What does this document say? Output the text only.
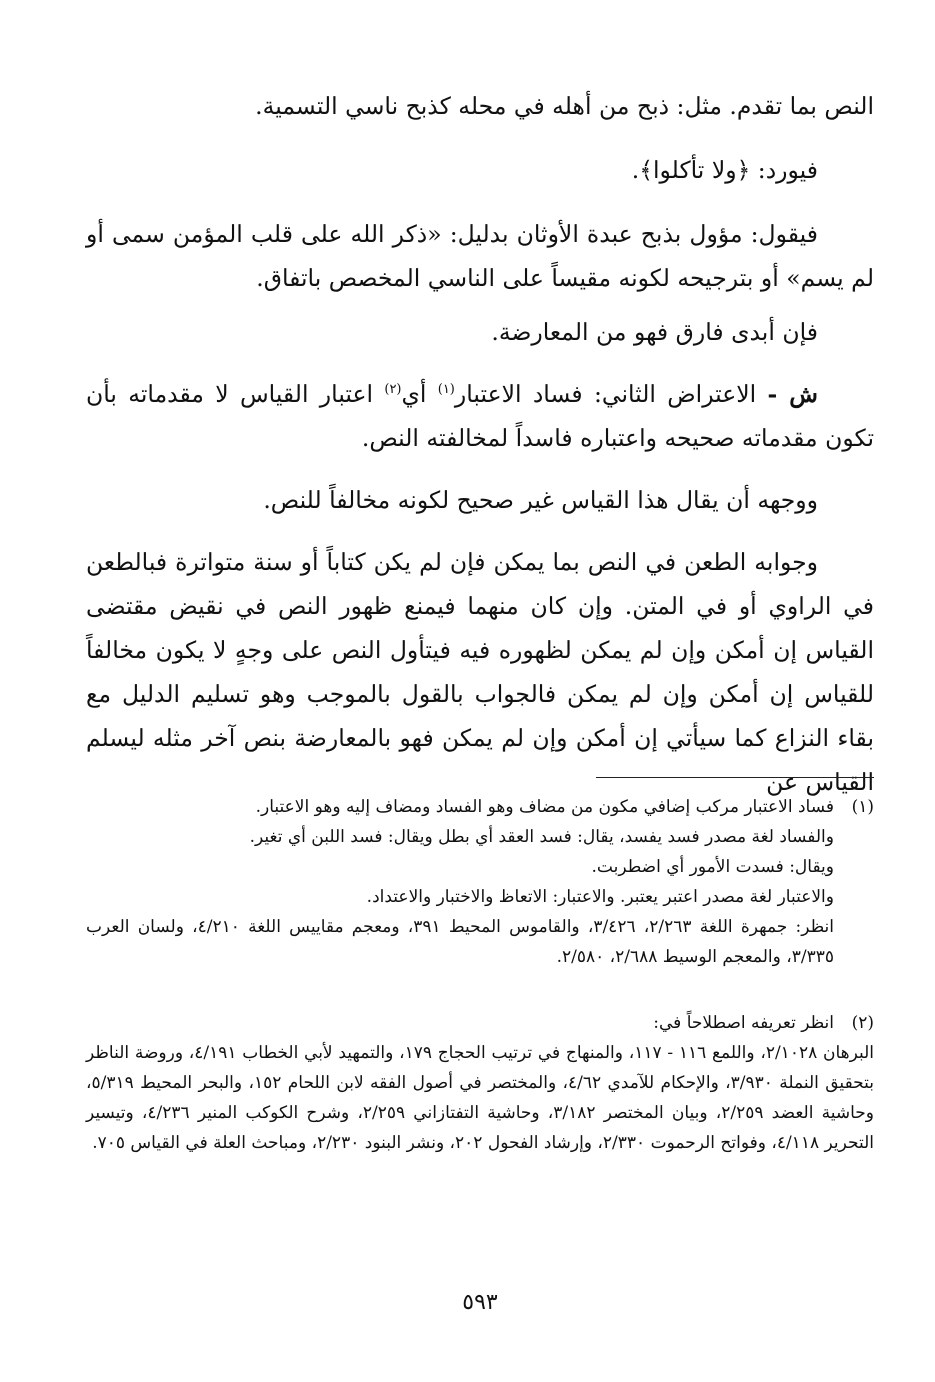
النص بما تقدم. مثل: ذبح من أهله في محله كذبح ناسي التسمية.

فيورد: ﴿ولا تأكلوا﴾.

فيقول: مؤول بذبح عبدة الأوثان بدليل: «ذكر الله على قلب المؤمن سمى أو لم يسم» أو بترجيحه لكونه مقيساً على الناسي المخصص باتفاق.

فإن أبدى فارق فهو من المعارضة.

ش - الاعتراض الثاني: فساد الاعتبار$^{(١)}$ أي$^{(٢)}$ اعتبار القياس لا مقدماته بأن تكون مقدماته صحيحه واعتباره فاسداً لمخالفته النص.

ووجهه أن يقال هذا القياس غير صحيح لكونه مخالفاً للنص.

وجوابه الطعن في النص بما يمكن فإن لم يكن كتاباً أو سنة متواترة فبالطعن في الراوي أو في المتن. وإن كان منهما فيمنع ظهور النص في نقيض مقتضى القياس إن أمكن وإن لم يمكن لظهوره فيه فيتأول النص على وجهٍ لا يكون مخالفاً للقياس إن أمكن وإن لم يمكن فالجواب بالقول بالموجب وهو تسليم الدليل مع بقاء النزاع كما سيأتي إن أمكن وإن لم يمكن فهو بالمعارضة بنص آخر مثله ليسلم القياس عن

(١)فساد الاعتبار مركب إضافي مكون من مضاف وهو الفساد ومضاف إليه وهو الاعتبار.
والفساد لغة مصدر فسد يفسد، يقال: فسد العقد أي بطل ويقال: فسد اللبن أي تغير.
ويقال: فسدت الأمور أي اضطربت.
والاعتبار لغة مصدر اعتبر يعتبر. والاعتبار: الاتعاظ والاختبار والاعتداد.
انظر: جمهرة اللغة ٢/٢٦٣، ٣/٤٢٦، والقاموس المحيط ٣٩١، ومعجم مقاييس اللغة ٤/٢١٠، ولسان العرب ٣/٣٣٥، والمعجم الوسيط ٢/٦٨٨، ٢/٥٨٠.
(٢)انظر تعريفه اصطلاحاً في:
البرهان ٢/١٠٢٨، واللمع ١١٦ - ١١٧، والمنهاج في ترتيب الحجاج ١٧٩، والتمهيد لأبي الخطاب ٤/١٩١، وروضة الناظر بتحقيق النملة ٣/٩٣٠، والإحكام للآمدي ٤/٦٢، والمختصر في أصول الفقه لابن اللحام ١٥٢، والبحر المحيط ٥/٣١٩، وحاشية العضد ٢/٢٥٩، وبيان المختصر ٣/١٨٢، وحاشية التفتازاني ٢/٢٥٩، وشرح الكوكب المنير ٤/٢٣٦، وتيسير التحرير ٤/١١٨، وفواتح الرحموت ٢/٣٣٠، وإرشاد الفحول ٢٠٢، ونشر البنود ٢/٢٣٠، ومباحث العلة في القياس ٧٠٥.
٥٩٣
